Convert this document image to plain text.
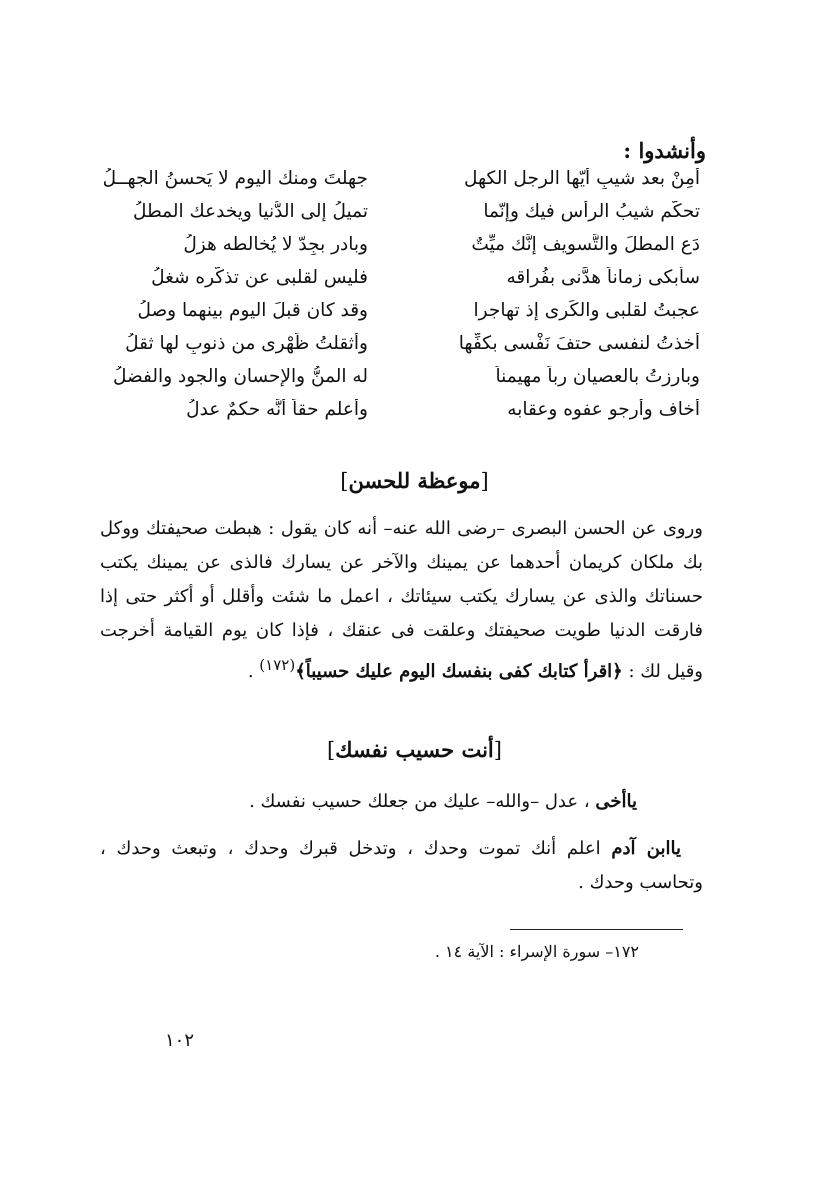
وأنشدوا :
أَمِنْ بعد شيبٍ أيّها الرجل الكهل
جهلتَ ومنك اليوم لا يَحسنُ الجهــلُ
تحكَّم شيبُ الرأسِ فيك وإنّما
تميلُ إلى الدُّنيا ويخدعك المطلُ
دَعِ المطلَ والتَّسويف إنَّك ميِّتٌ
وبادر بجِدّ لا يُخالطه هزلُ
سأبكى زماناً هدَّنى بفُراقه
فليس لقلبى عن تذكّره شغلُ
عجبتُ لقلبى والكَرى إذ تهاجرا
وقد كان قبلَ اليومِ بينهما وصلُ
أخذتُ لنفسى حتفَ نَفْسى بكفِّها
وأثقلتُ ظَهْرى من ذنوبٍ لها ثقلُ
وبارزتُ بالعصيان رباً مهيمناً
له المنُّ والإحسان والجود والفضلُ
أخاف وأرجو عفوه وعقابه
وأعلم حقاً أنَّه حكمٌ عدلُ
[موعظة للحسن]
وروى عن الحسن البصرى –رضى الله عنه– أنه كان يقول : هبطت صحيفتك ووكل بك ملكان كريمان أحدهما عن يمينك والآخر عن يسارك فالذى عن يمينك يكتب حسناتك والذى عن يسارك يكتب سيئاتك ، اعمل ما شئت وأقلل أو أكثر حتى إذا فارقت الدنيا طويت صحيفتك وعلقت فى عنقك ، فإذا كان يوم القيامة أخرجت وقيل لك : ﴿اقرأ كتابك كفى بنفسك اليوم عليك حسيباً﴾$^{(١٧٢)}$ .
[أنت حسيب نفسك]
ياأخى ، عدل –والله– عليك من جعلك حسيب نفسك .
ياابن آدم اعلم أنك تموت وحدك ، وتدخل قبرك وحدك ، وتبعث وحدك ، وتحاسب وحدك .
١٧٢– سورة الإسراء : الآية ١٤ .
١٠٢
